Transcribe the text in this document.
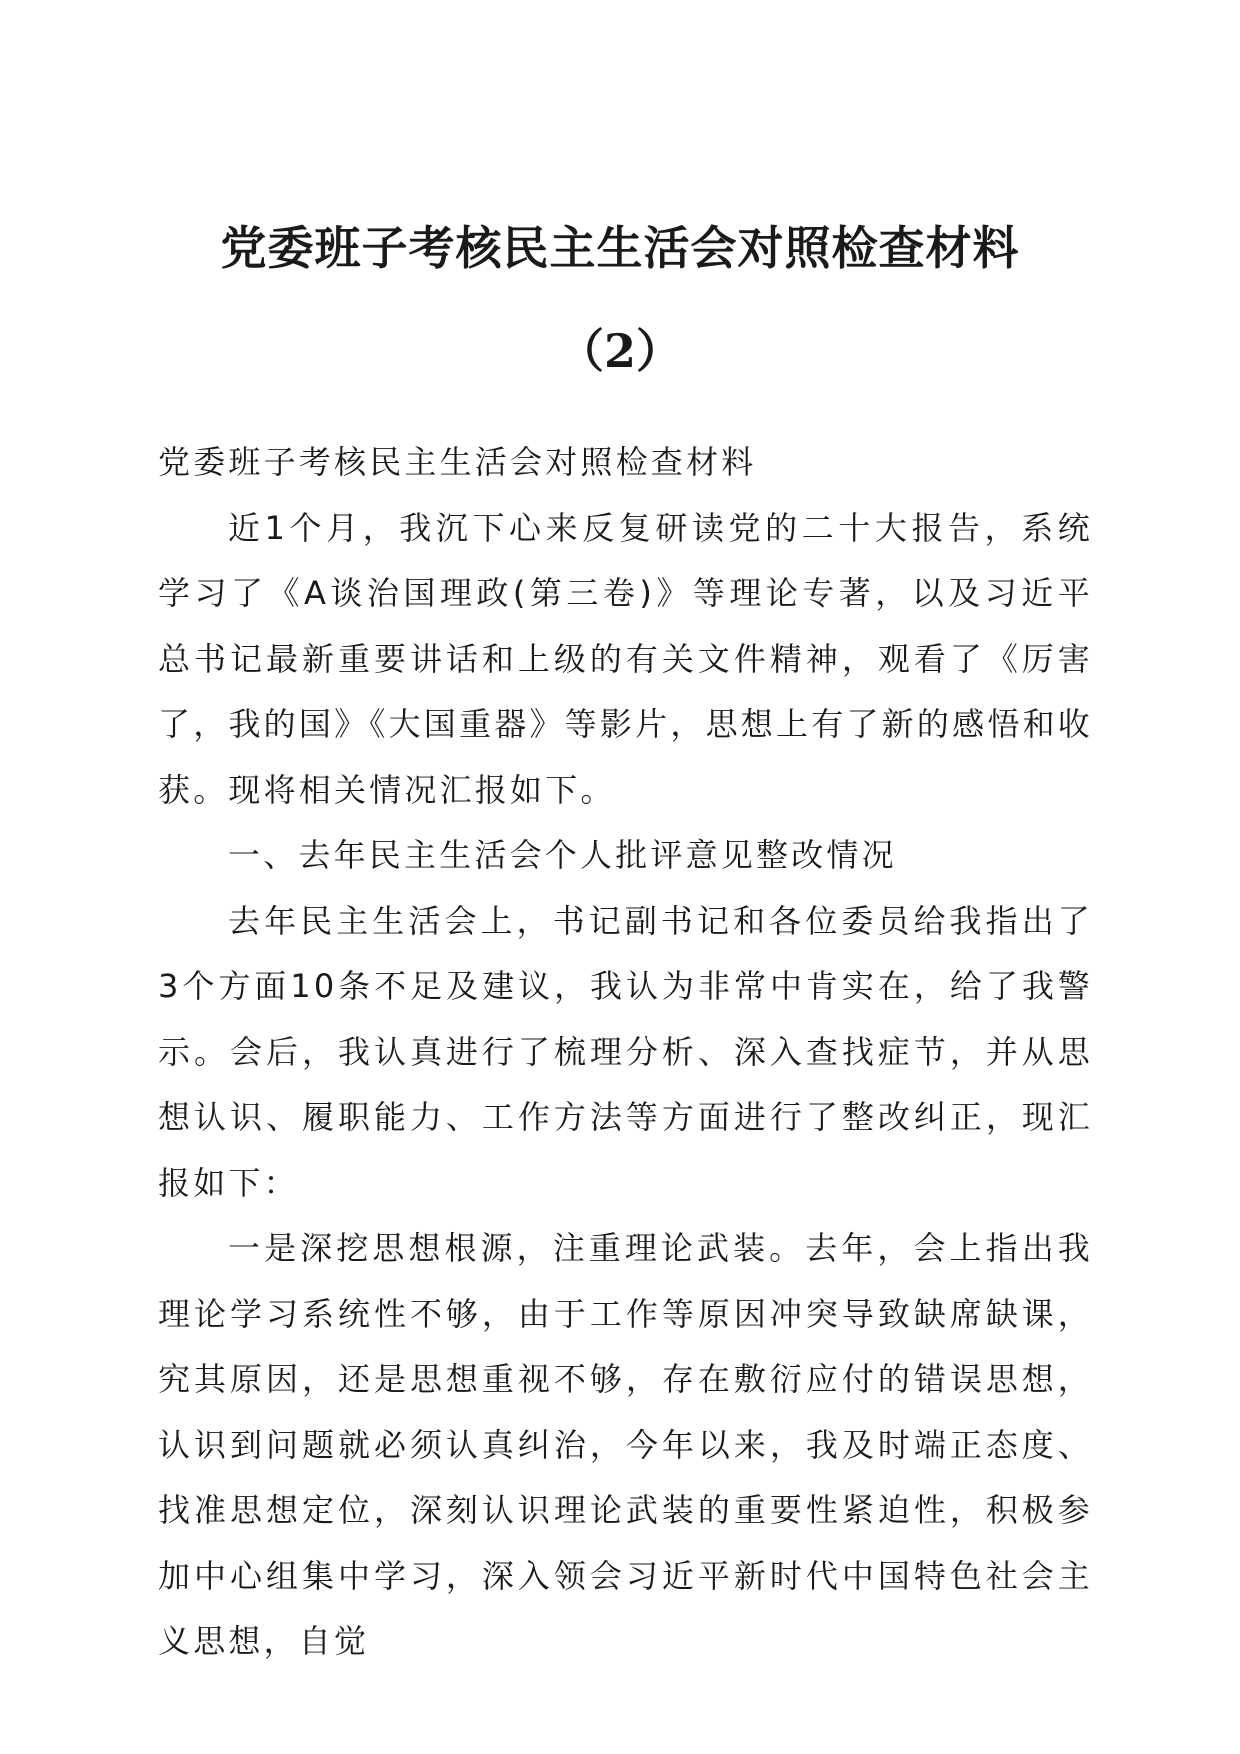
党委班子考核民主生活会对照检查材料
（2）

党委班子考核民主生活会对照检查材料

近1个月，我沉下心来反复研读党的二十大报告，系统学习了《A谈治国理政(第三卷)》等理论专著，以及习近平总书记最新重要讲话和上级的有关文件精神，观看了《厉害了，我的国》《大国重器》等影片，思想上有了新的感悟和收获。现将相关情况汇报如下。

一、去年民主生活会个人批评意见整改情况

去年民主生活会上，书记副书记和各位委员给我指出了3个方面10条不足及建议，我认为非常中肯实在，给了我警示。会后，我认真进行了梳理分析、深入查找症节，并从思想认识、履职能力、工作方法等方面进行了整改纠正，现汇报如下：

一是深挖思想根源，注重理论武装。去年，会上指出我理论学习系统性不够，由于工作等原因冲突导致缺席缺课，究其原因，还是思想重视不够，存在敷衍应付的错误思想，认识到问题就必须认真纠治，今年以来，我及时端正态度、找准思想定位，深刻认识理论武装的重要性紧迫性，积极参加中心组集中学习，深入领会习近平新时代中国特色社会主义思想，自觉
